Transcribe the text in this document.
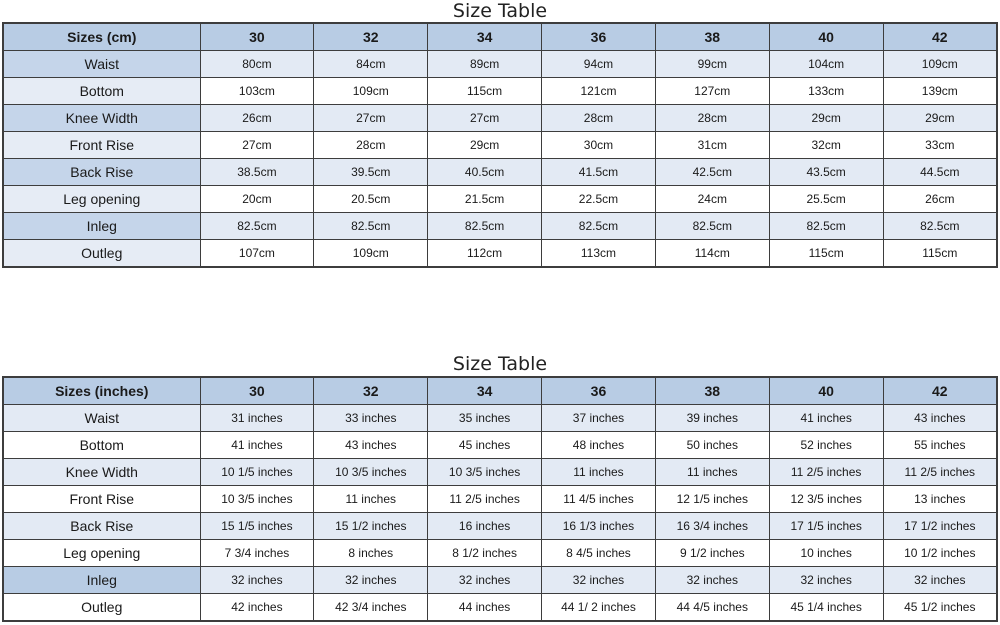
Size Table
Sizes (cm)	30	32	34	36	38	40	42
Waist	80cm	84cm	89cm	94cm	99cm	104cm	109cm
Bottom	103cm	109cm	115cm	121cm	127cm	133cm	139cm
Knee Width	26cm	27cm	27cm	28cm	28cm	29cm	29cm
Front Rise	27cm	28cm	29cm	30cm	31cm	32cm	33cm
Back Rise	38.5cm	39.5cm	40.5cm	41.5cm	42.5cm	43.5cm	44.5cm
Leg opening	20cm	20.5cm	21.5cm	22.5cm	24cm	25.5cm	26cm
Inleg	82.5cm	82.5cm	82.5cm	82.5cm	82.5cm	82.5cm	82.5cm
Outleg	107cm	109cm	112cm	113cm	114cm	115cm	115cm
Size Table
Sizes (inches)	30	32	34	36	38	40	42
Waist	31 inches	33 inches	35 inches	37 inches	39 inches	41 inches	43 inches
Bottom	41 inches	43 inches	45 inches	48 inches	50 inches	52 inches	55 inches
Knee Width	10 1/5 inches	10 3/5 inches	10 3/5 inches	11 inches	11 inches	11 2/5 inches	11 2/5 inches
Front Rise	10 3/5 inches	11 inches	11 2/5 inches	11 4/5 inches	12 1/5 inches	12 3/5 inches	13 inches
Back Rise	15 1/5 inches	15 1/2 inches	16 inches	16 1/3 inches	16 3/4 inches	17 1/5 inches	17 1/2 inches
Leg opening	7 3/4 inches	8 inches	8 1/2 inches	8 4/5 inches	9 1/2 inches	10 inches	10 1/2 inches
Inleg	32 inches	32 inches	32 inches	32 inches	32 inches	32 inches	32 inches
Outleg	42 inches	42 3/4 inches	44 inches	44 1/ 2 inches	44 4/5 inches	45 1/4 inches	45 1/2 inches
